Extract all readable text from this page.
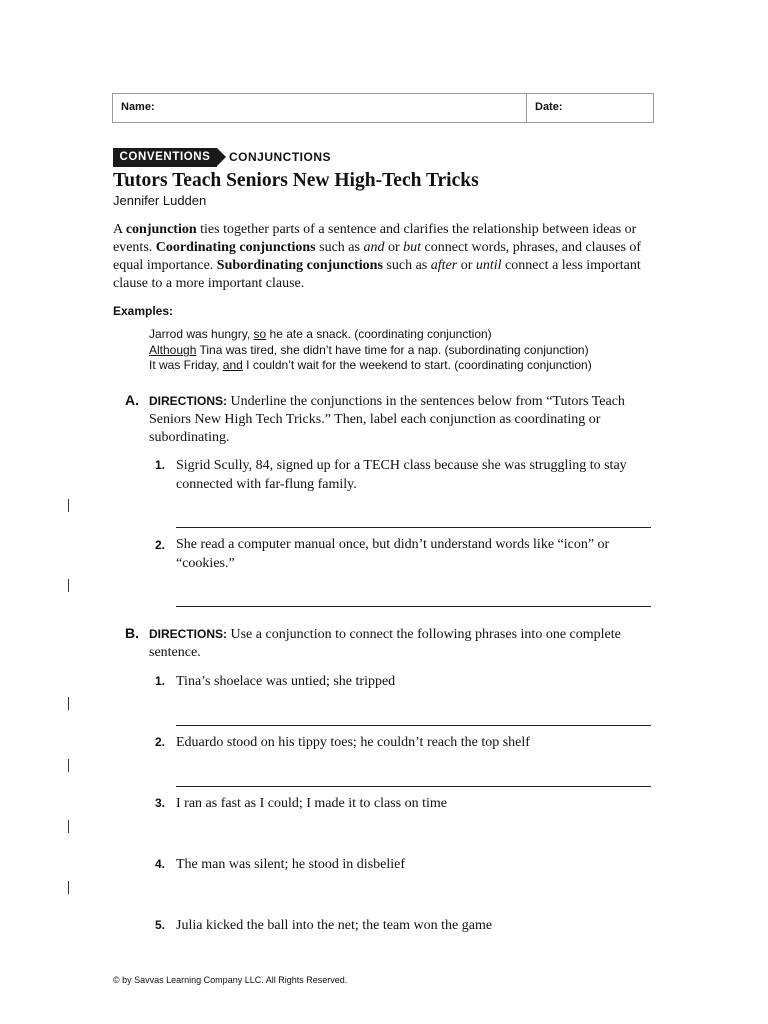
Name:	Date:
CONVENTIONS	CONJUNCTIONS
Tutors Teach Seniors New High-Tech Tricks
Jennifer Ludden
A conjunction ties together parts of a sentence and clarifies the relationship between ideas or events. Coordinating conjunctions such as and or but connect words, phrases, and clauses of equal importance. Subordinating conjunctions such as after or until connect a less important clause to a more important clause.
Examples:
Jarrod was hungry, so he ate a snack. (coordinating conjunction)
Although Tina was tired, she didn’t have time for a nap. (subordinating conjunction)
It was Friday, and I couldn’t wait for the weekend to start. (coordinating conjunction)
A. DIRECTIONS: Underline the conjunctions in the sentences below from “Tutors Teach Seniors New High Tech Tricks.” Then, label each conjunction as coordinating or subordinating.
1. Sigrid Scully, 84, signed up for a TECH class because she was struggling to stay connected with far-flung family.
2. She read a computer manual once, but didn’t understand words like “icon” or “cookies.”
B. DIRECTIONS: Use a conjunction to connect the following phrases into one complete sentence.
1. Tina’s shoelace was untied; she tripped
2. Eduardo stood on his tippy toes; he couldn’t reach the top shelf
3. I ran as fast as I could; I made it to class on time
4. The man was silent; he stood in disbelief
5. Julia kicked the ball into the net; the team won the game
© by Savvas Learning Company LLC. All Rights Reserved.
